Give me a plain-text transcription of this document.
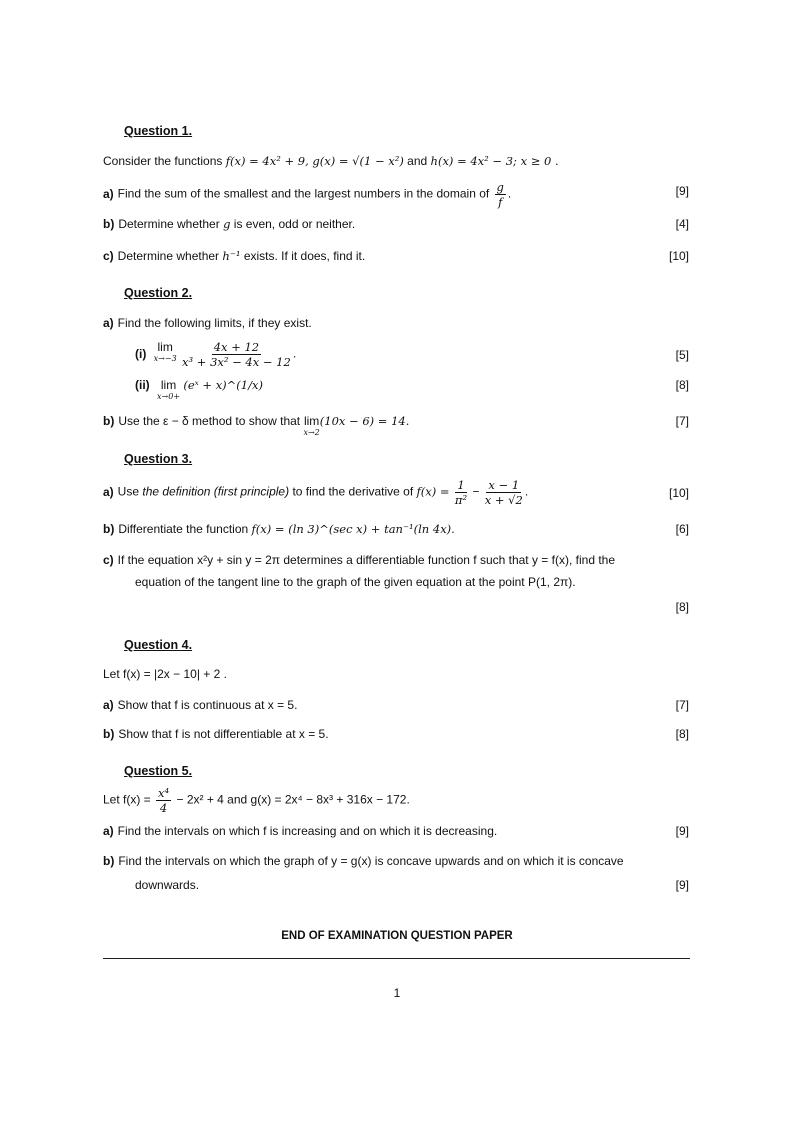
Question 1.
Consider the functions f(x) = 4x² + 9, g(x) = √(1 − x²) and h(x) = 4x² − 3; x ≥ 0 .
a) Find the sum of the smallest and the largest numbers in the domain of $\frac{g}{f}$ .	[9]
b) Determine whether g is even, odd or neither.	[4]
c) Determine whether h⁻¹ exists. If it does, find it.	[10]
Question 2.
a) Find the following limits, if they exist.
(i) lim
x→−3
$\frac{4x + 12}{\text{x³ + 3x² − 4x − 12}}$ .	[5]
(ii) lim
x→0+
(eˣ + x)^(1/x)	[8]
b) Use the ε − δ method to show that lim
x→2
(10x − 6) = 14.	[7]
Question 3.
a) Use the definition (first principle) to find the derivative of $f(x) = \frac{1}{\text{π²}} - \frac{x - 1}{x + √2}$ .	[10]
b) Differentiate the function f(x) = (ln 3)^(sec x) + tan⁻¹(ln 4x).	[6]
c) If the equation x²y + sin y = 2π determines a differentiable function f such that y = f(x), find the
equation of the tangent line to the graph of the given equation at the point P(1, 2π).
[8]
Question 4.
Let f(x) = |2x − 10| + 2 .
a) Show that f is continuous at x = 5.	[7]
b) Show that f is not differentiable at x = 5.	[8]
Question 5.
Let $f(x) = \frac{\text{x⁴}}{4} - 2x^2 + 4$ and g(x) = 2x⁴ − 8x³ + 316x − 172.
a) Find the intervals on which f is increasing and on which it is decreasing.	[9]
b) Find the intervals on which the graph of y = g(x) is concave upwards and on which it is concave
downwards.	[9]
END OF EXAMINATION QUESTION PAPER
1
